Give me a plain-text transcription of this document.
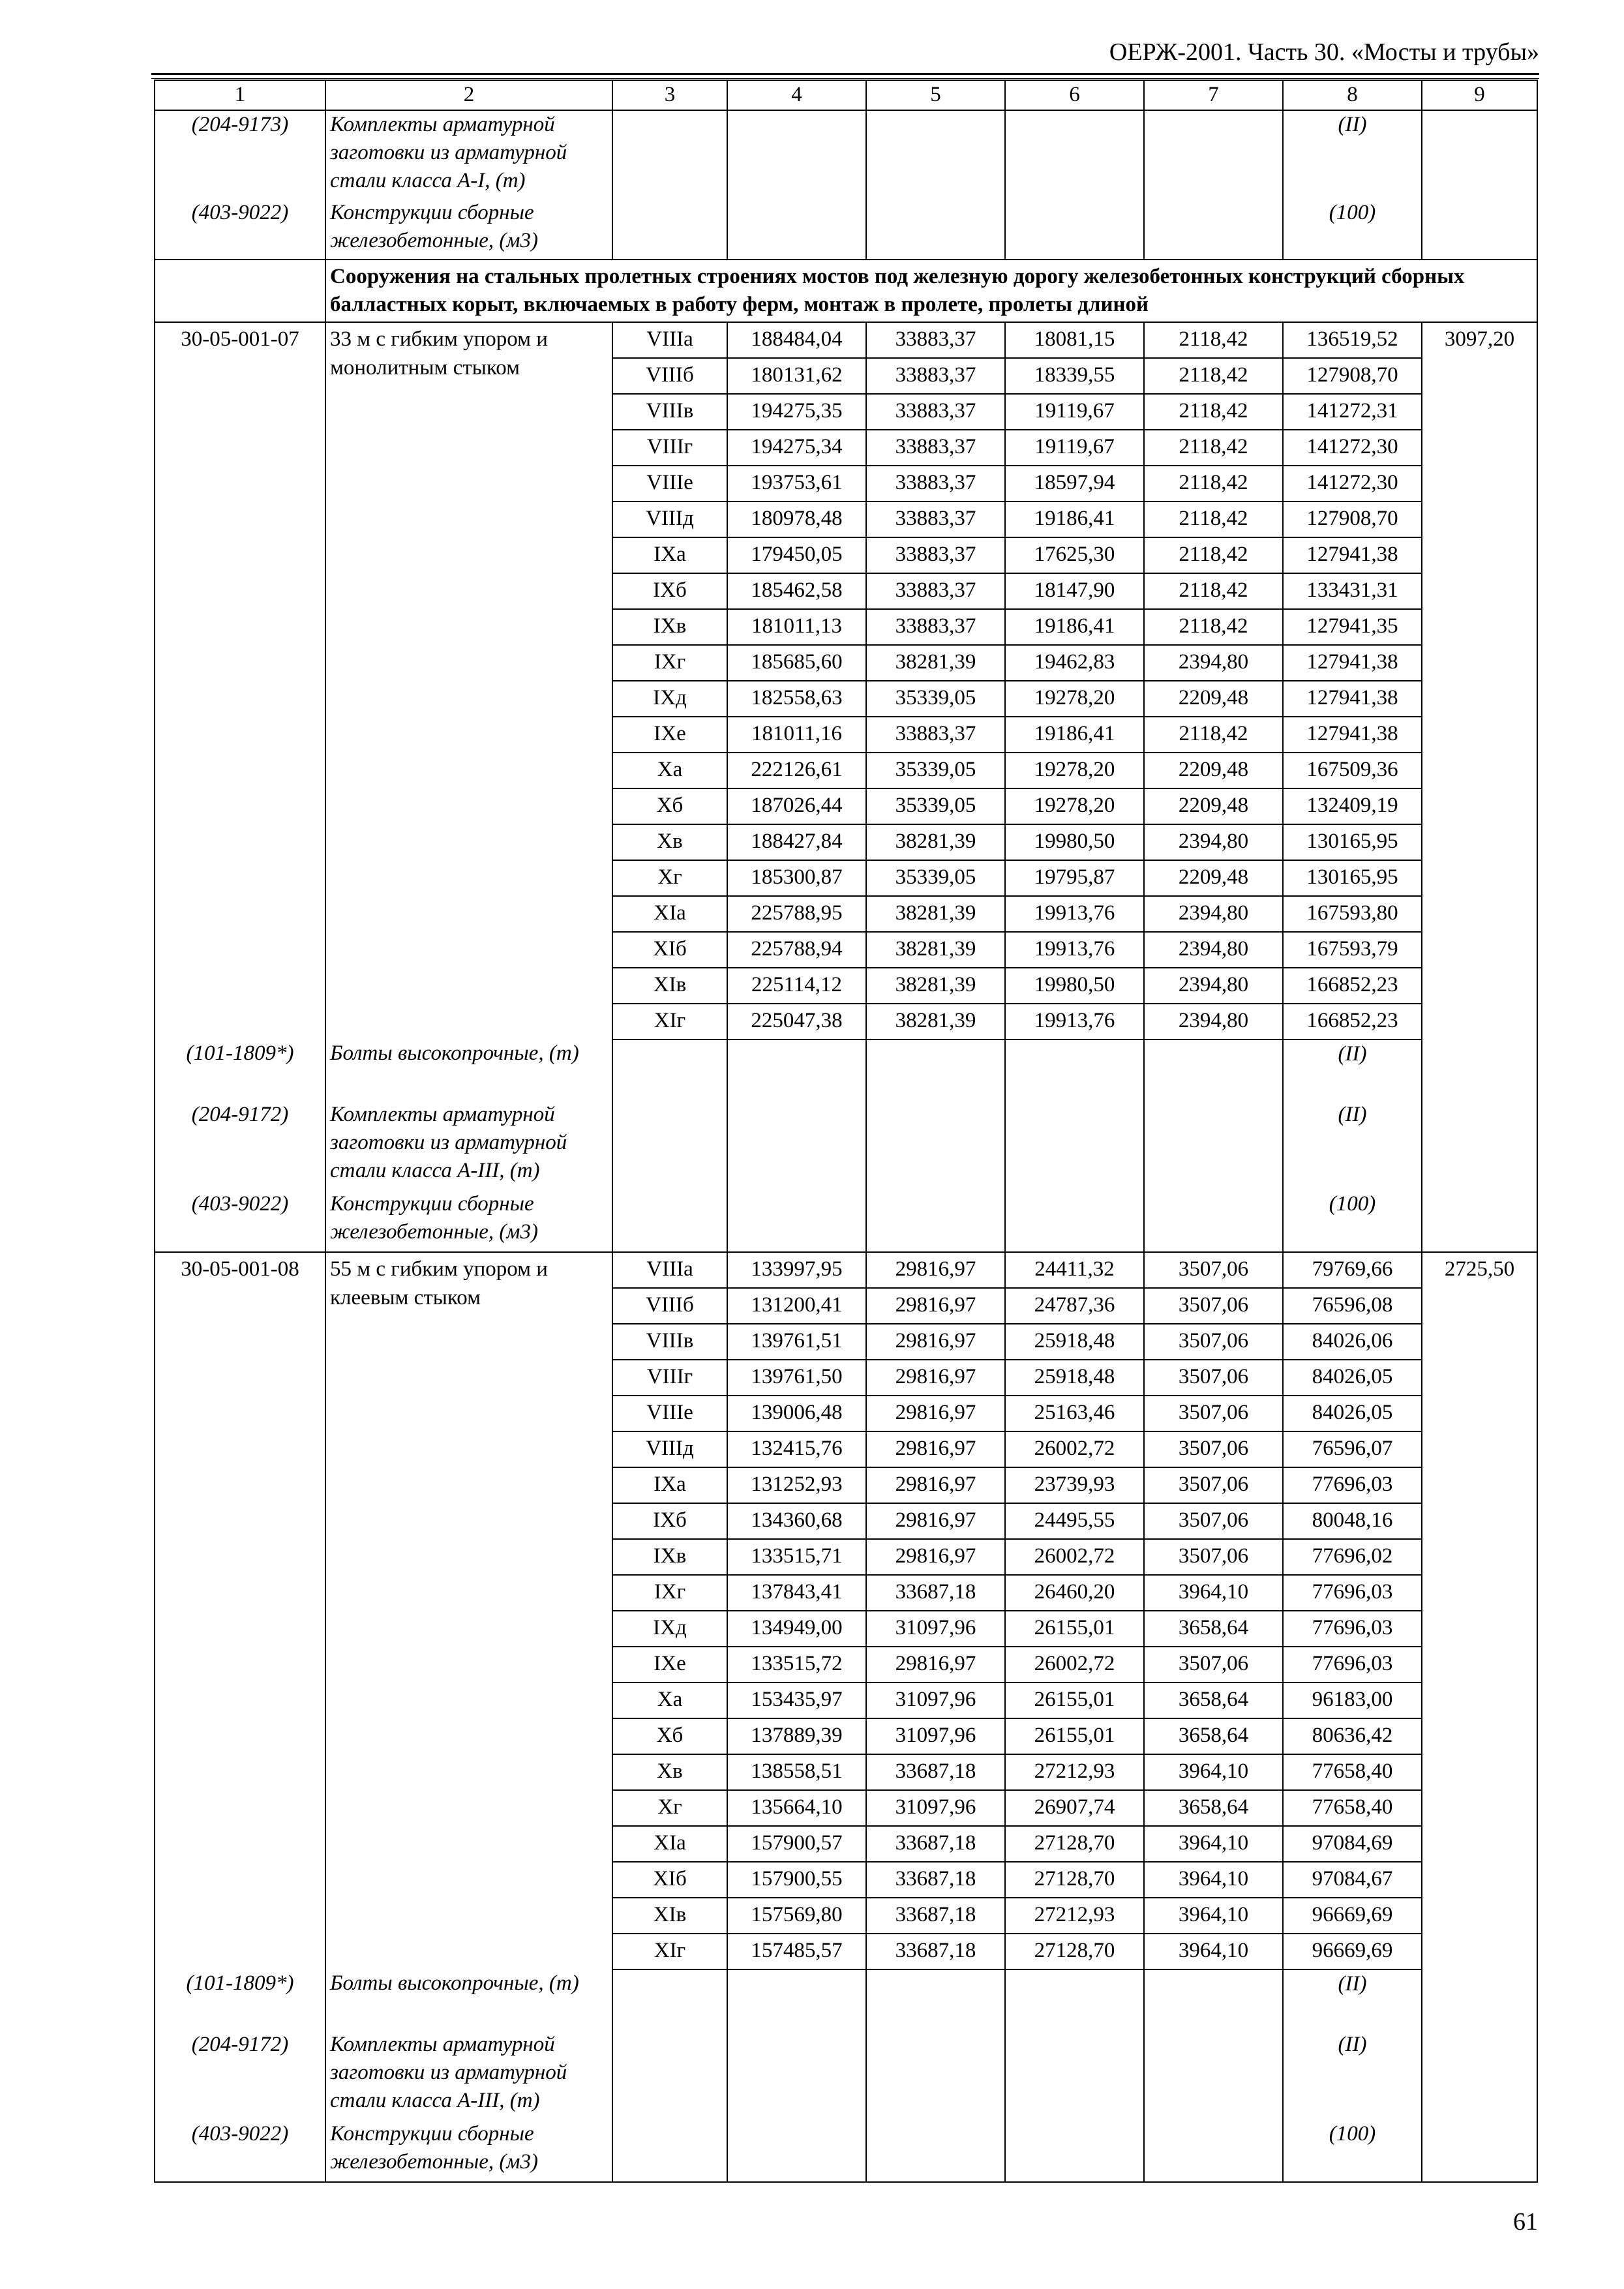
ОЕРЖ-2001. Часть 30. «Мосты и трубы»
1	2	3	4	5	6	7	8	9
(204-9173)	Комплекты арматурной заготовки из арматурной стали класса А-I, (т)						(II)	
(403-9022)	Конструкции сборные железобетонные, (м3)						(100)	
	Сооружения на стальных пролетных строениях мостов под железную дорогу железобетонных конструкций сборных балластных корыт, включаемых в работу ферм, монтаж в пролете, пролеты длиной							
30-05-001-07	33 м с гибким упором и монолитным стыком	VIIIа	188484,04	33883,37	18081,15	2118,42	136519,52	3097,20
		VIIIб	180131,62	33883,37	18339,55	2118,42	127908,70	
		VIIIв	194275,35	33883,37	19119,67	2118,42	141272,31	
		VIIIг	194275,34	33883,37	19119,67	2118,42	141272,30	
		VIIIе	193753,61	33883,37	18597,94	2118,42	141272,30	
		VIIIд	180978,48	33883,37	19186,41	2118,42	127908,70	
		IXа	179450,05	33883,37	17625,30	2118,42	127941,38	
		IXб	185462,58	33883,37	18147,90	2118,42	133431,31	
		IXв	181011,13	33883,37	19186,41	2118,42	127941,35	
		IXг	185685,60	38281,39	19462,83	2394,80	127941,38	
		IXд	182558,63	35339,05	19278,20	2209,48	127941,38	
		IXе	181011,16	33883,37	19186,41	2118,42	127941,38	
		Xа	222126,61	35339,05	19278,20	2209,48	167509,36	
		Xб	187026,44	35339,05	19278,20	2209,48	132409,19	
		Xв	188427,84	38281,39	19980,50	2394,80	130165,95	
		Xг	185300,87	35339,05	19795,87	2209,48	130165,95	
		XIа	225788,95	38281,39	19913,76	2394,80	167593,80	
		XIб	225788,94	38281,39	19913,76	2394,80	167593,79	
		XIв	225114,12	38281,39	19980,50	2394,80	166852,23	
		XIг	225047,38	38281,39	19913,76	2394,80	166852,23	
(101-1809*)	Болты высокопрочные, (т)						(II)	
(204-9172)	Комплекты арматурной заготовки из арматурной стали класса А-III, (т)						(II)	
(403-9022)	Конструкции сборные железобетонные, (м3)						(100)	
30-05-001-08	55 м с гибким упором и клеевым стыком	VIIIа	133997,95	29816,97	24411,32	3507,06	79769,66	2725,50
		VIIIб	131200,41	29816,97	24787,36	3507,06	76596,08	
		VIIIв	139761,51	29816,97	25918,48	3507,06	84026,06	
		VIIIг	139761,50	29816,97	25918,48	3507,06	84026,05	
		VIIIе	139006,48	29816,97	25163,46	3507,06	84026,05	
		VIIIд	132415,76	29816,97	26002,72	3507,06	76596,07	
		IXа	131252,93	29816,97	23739,93	3507,06	77696,03	
		IXб	134360,68	29816,97	24495,55	3507,06	80048,16	
		IXв	133515,71	29816,97	26002,72	3507,06	77696,02	
		IXг	137843,41	33687,18	26460,20	3964,10	77696,03	
		IXд	134949,00	31097,96	26155,01	3658,64	77696,03	
		IXе	133515,72	29816,97	26002,72	3507,06	77696,03	
		Xа	153435,97	31097,96	26155,01	3658,64	96183,00	
		Xб	137889,39	31097,96	26155,01	3658,64	80636,42	
		Xв	138558,51	33687,18	27212,93	3964,10	77658,40	
		Xг	135664,10	31097,96	26907,74	3658,64	77658,40	
		XIа	157900,57	33687,18	27128,70	3964,10	97084,69	
		XIб	157900,55	33687,18	27128,70	3964,10	97084,67	
		XIв	157569,80	33687,18	27212,93	3964,10	96669,69	
		XIг	157485,57	33687,18	27128,70	3964,10	96669,69	
(101-1809*)	Болты высокопрочные, (т)						(II)	
(204-9172)	Комплекты арматурной заготовки из арматурной стали класса А-III, (т)						(II)	
(403-9022)	Конструкции сборные железобетонные, (м3)						(100)	
61
